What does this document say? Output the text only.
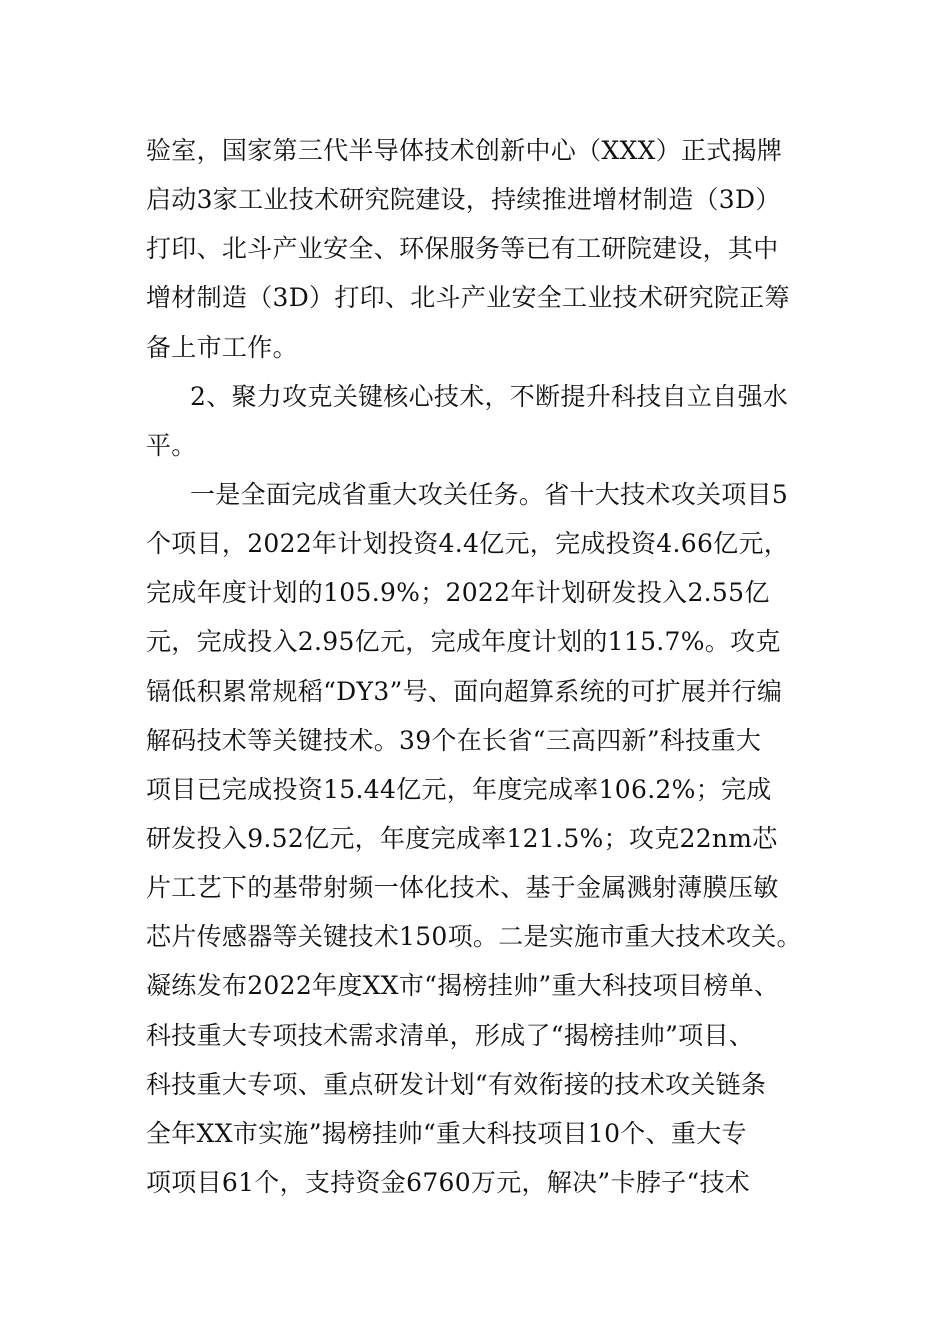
验室，国家第三代半导体技术创新中心（XXX）正式揭牌
启动3家工业技术研究院建设，持续推进增材制造（3D）
打印、北斗产业安全、环保服务等已有工研院建设，其中
增材制造（3D）打印、北斗产业安全工业技术研究院正筹
备上市工作。
2、聚力攻克关键核心技术，不断提升科技自立自强水
平。
一是全面完成省重大攻关任务。省十大技术攻关项目5
个项目，2022年计划投资4.4亿元，完成投资4.66亿元，
完成年度计划的105.9%；2022年计划研发投入2.55亿
元，完成投入2.95亿元，完成年度计划的115.7%。攻克
镉低积累常规稻“DY3”号、面向超算系统的可扩展并行编
解码技术等关键技术。39个在长省“三高四新”科技重大
项目已完成投资15.44亿元，年度完成率106.2%；完成
研发投入9.52亿元，年度完成率121.5%；攻克22nm芯
片工艺下的基带射频一体化技术、基于金属溅射薄膜压敏
芯片传感器等关键技术150项。二是实施市重大技术攻关。
凝练发布2022年度XX市“揭榜挂帅”重大科技项目榜单、
科技重大专项技术需求清单，形成了“揭榜挂帅”项目、
科技重大专项、重点研发计划“有效衔接的技术攻关链条
全年XX市实施”揭榜挂帅“重大科技项目10个、重大专
项项目61个，支持资金6760万元，解决”卡脖子“技术
